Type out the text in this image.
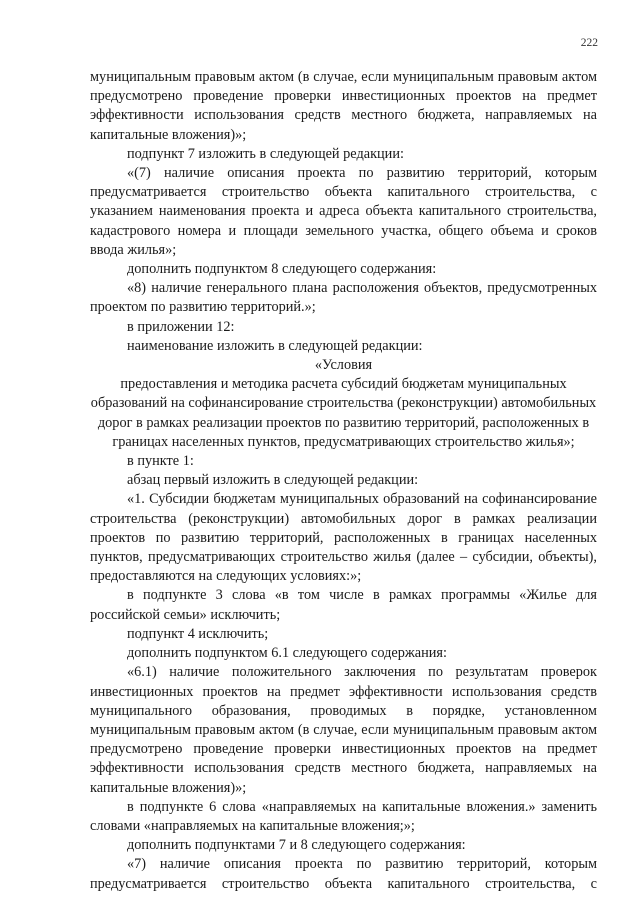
222

муниципальным правовым актом (в случае, если муниципальным правовым актом предусмотрено проведение проверки инвестиционных проектов на предмет эффективности использования средств местного бюджета, направляемых на капитальные вложения)»;

подпункт 7 изложить в следующей редакции:

«(7) наличие описания проекта по развитию территорий, которым предусматривается строительство объекта капитального строительства, с указанием наименования проекта и адреса объекта капитального строительства, кадастрового номера и площади земельного участка, общего объема и сроков ввода жилья»;

дополнить подпунктом 8 следующего содержания:

«8) наличие генерального плана расположения объектов, предусмотренных проектом по развитию территорий.»;

в приложении 12:

наименование изложить в следующей редакции:

«Условия

предоставления и методика расчета субсидий бюджетам муниципальных образований на софинансирование строительства (реконструкции) автомобильных дорог в рамках реализации проектов по развитию территорий, расположенных в границах населенных пунктов, предусматривающих строительство жилья»;

в пункте 1:

абзац первый изложить в следующей редакции:

«1. Субсидии бюджетам муниципальных образований на софинансирование строительства (реконструкции) автомобильных дорог в рамках реализации проектов по развитию территорий, расположенных в границах населенных пунктов, предусматривающих строительство жилья (далее – субсидии, объекты), предоставляются на следующих условиях:»;

в подпункте 3 слова «в том числе в рамках программы «Жилье для российской семьи» исключить;

подпункт 4 исключить;

дополнить подпунктом 6.1 следующего содержания:

«6.1) наличие положительного заключения по результатам проверок инвестиционных проектов на предмет эффективности использования средств муниципального образования, проводимых в порядке, установленном муниципальным правовым актом (в случае, если муниципальным правовым актом предусмотрено проведение проверки инвестиционных проектов на предмет эффективности использования средств местного бюджета, направляемых на капитальные вложения)»;

в подпункте 6 слова «направляемых на капитальные вложения.» заменить словами «направляемых на капитальные вложения;»;

дополнить подпунктами 7 и 8 следующего содержания:

«7) наличие описания проекта по развитию территорий, которым предусматривается строительство объекта капитального строительства, с
